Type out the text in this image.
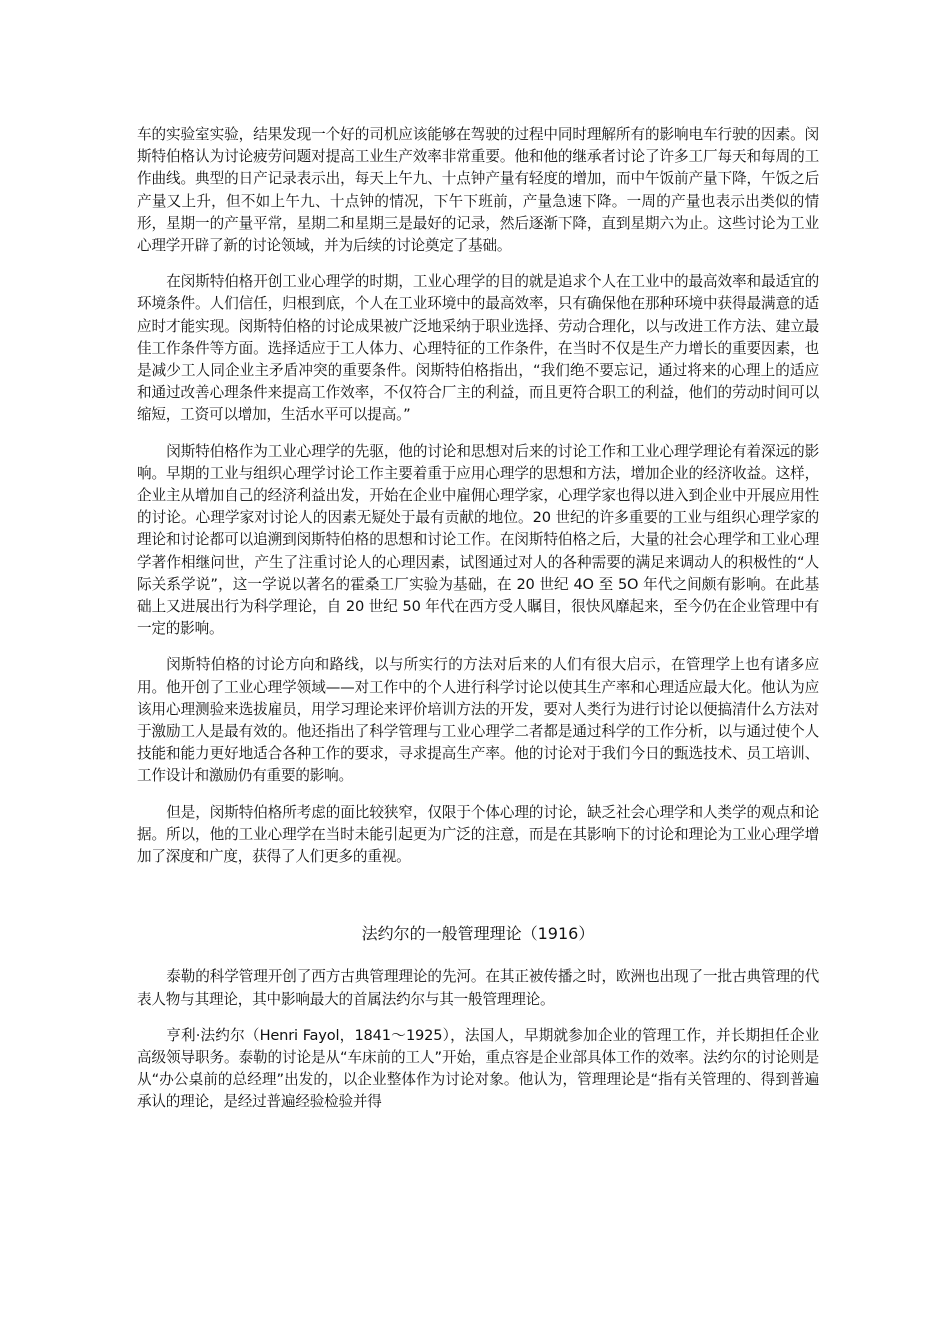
车的实验室实验，结果发现一个好的司机应该能够在驾驶的过程中同时理解所有的影响电车行驶的因素。闵斯特伯格认为讨论疲劳问题对提高工业生产效率非常重要。他和他的继承者讨论了许多工厂每天和每周的工作曲线。典型的日产记录表示出，每天上午九、十点钟产量有轻度的增加，而中午饭前产量下降，午饭之后产量又上升，但不如上午九、十点钟的情况，下午下班前，产量急速下降。一周的产量也表示出类似的情形，星期一的产量平常，星期二和星期三是最好的记录，然后逐渐下降，直到星期六为止。这些讨论为工业心理学开辟了新的讨论领域，并为后续的讨论奠定了基础。

在闵斯特伯格开创工业心理学的时期，工业心理学的目的就是追求个人在工业中的最高效率和最适宜的环境条件。人们信任，归根到底，个人在工业环境中的最高效率，只有确保他在那种环境中获得最满意的适应时才能实现。闵斯特伯格的讨论成果被广泛地采纳于职业选择、劳动合理化，以与改进工作方法、建立最佳工作条件等方面。选择适应于工人体力、心理特征的工作条件，在当时不仅是生产力增长的重要因素，也是减少工人同企业主矛盾冲突的重要条件。闵斯特伯格指出，“我们绝不要忘记，通过将来的心理上的适应和通过改善心理条件来提高工作效率，不仅符合厂主的利益，而且更符合职工的利益，他们的劳动时间可以缩短，工资可以增加，生活水平可以提高。”

闵斯特伯格作为工业心理学的先驱，他的讨论和思想对后来的讨论工作和工业心理学理论有着深远的影响。早期的工业与组织心理学讨论工作主要着重于应用心理学的思想和方法，增加企业的经济收益。这样，企业主从增加自己的经济利益出发，开始在企业中雇佣心理学家，心理学家也得以进入到企业中开展应用性的讨论。心理学家对讨论人的因素无疑处于最有贡献的地位。20 世纪的许多重要的工业与组织心理学家的理论和讨论都可以追溯到闵斯特伯格的思想和讨论工作。在闵斯特伯格之后，大量的社会心理学和工业心理学著作相继问世，产生了注重讨论人的心理因素，试图通过对人的各种需要的满足来调动人的积极性的“人际关系学说”，这一学说以著名的霍桑工厂实验为基础，在 20 世纪 4O 至 5O 年代之间颇有影响。在此基础上又进展出行为科学理论，自 20 世纪 50 年代在西方受人瞩目，很快风靡起来，至今仍在企业管理中有一定的影响。

闵斯特伯格的讨论方向和路线，以与所实行的方法对后来的人们有很大启示，在管理学上也有诸多应用。他开创了工业心理学领域——对工作中的个人进行科学讨论以使其生产率和心理适应最大化。他认为应该用心理测验来选拔雇员，用学习理论来评价培训方法的开发，要对人类行为进行讨论以便搞清什么方法对于激励工人是最有效的。他还指出了科学管理与工业心理学二者都是通过科学的工作分析，以与通过使个人技能和能力更好地适合各种工作的要求，寻求提高生产率。他的讨论对于我们今日的甄选技术、员工培训、工作设计和激励仍有重要的影响。

但是，闵斯特伯格所考虑的面比较狭窄，仅限于个体心理的讨论，缺乏社会心理学和人类学的观点和论据。所以，他的工业心理学在当时未能引起更为广泛的注意，而是在其影响下的讨论和理论为工业心理学增加了深度和广度，获得了人们更多的重视。

法约尔的一般管理理论（1916）

泰勒的科学管理开创了西方古典管理理论的先河。在其正被传播之时，欧洲也出现了一批古典管理的代表人物与其理论，其中影响最大的首属法约尔与其一般管理理论。

亨利·法约尔（Henri Fayol，1841～1925），法国人，早期就参加企业的管理工作，并长期担任企业高级领导职务。泰勒的讨论是从“车床前的工人”开始，重点容是企业部具体工作的效率。法约尔的讨论则是从“办公桌前的总经理”出发的，以企业整体作为讨论对象。他认为，管理理论是“指有关管理的、得到普遍承认的理论，是经过普遍经验检验并得
